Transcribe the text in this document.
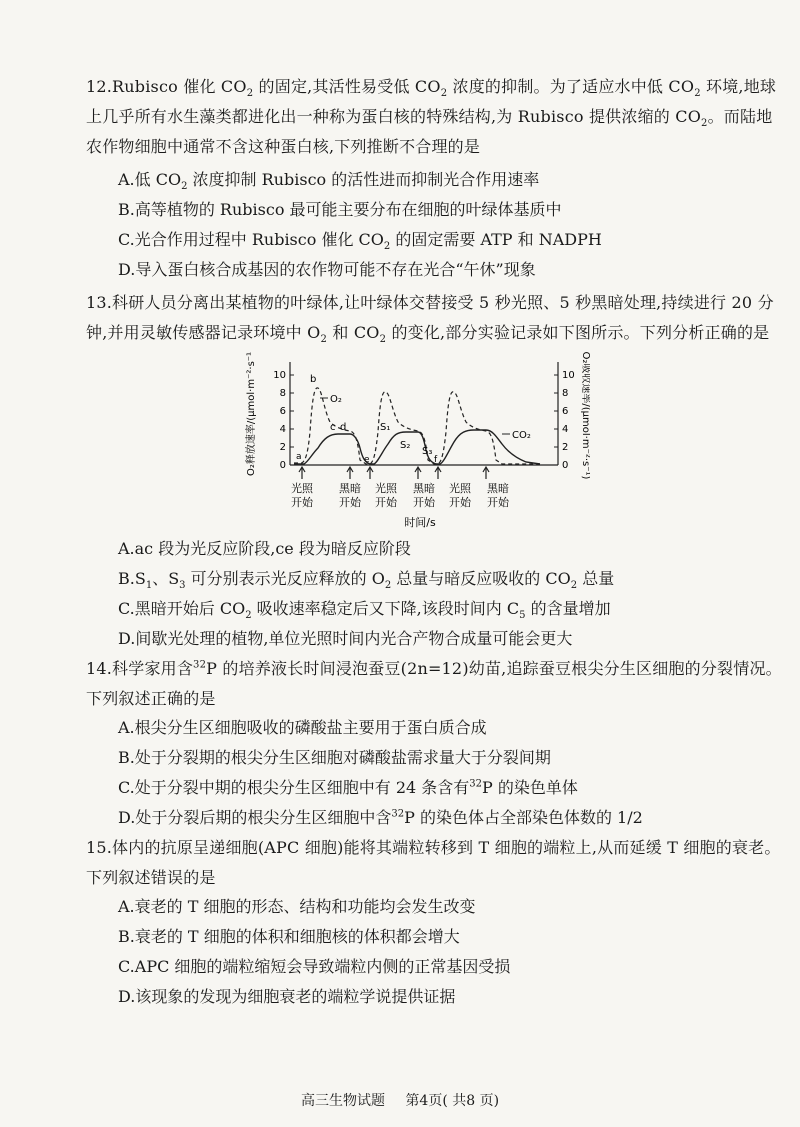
12.Rubisco 催化 $CO_2$ 的固定,其活性易受低 $CO_2$ 浓度的抑制。为了适应水中低 $CO_2$ 环境,地球上几乎所有水生藻类都进化出一种称为蛋白核的特殊结构,为 Rubisco 提供浓缩的 $CO_2$。而陆地农作物细胞中通常不含这种蛋白核,下列推断不合理的是
A.低 $CO_2$ 浓度抑制 Rubisco 的活性进而抑制光合作用速率
B.高等植物的 Rubisco 最可能主要分布在细胞的叶绿体基质中
C.光合作用过程中 Rubisco 催化 $CO_2$ 的固定需要 ATP 和 NADPH
D.导入蛋白核合成基因的农作物可能不存在光合“午休”现象
13.科研人员分离出某植物的叶绿体,让叶绿体交替接受 5 秒光照、5 秒黑暗处理,持续进行 20 分钟,并用灵敏传感器记录环境中 $O_2$ 和 $CO_2$ 的变化,部分实验记录如下图所示。下列分析正确的是
O₂释放速率/(μmol·m⁻²·s⁻¹)	CO₂吸收速率/(μmol·m⁻²·s⁻¹)
0
2
4
6
8
10
0
2
4
6
8
10
a
b
c d
e	f
O₂
CO₂
S₁
S₂
S₃
光照
开始
黑暗
开始
光照
开始
黑暗
开始
光照
开始
黑暗
开始
时间/s
A.ac 段为光反应阶段,ce 段为暗反应阶段
$B.S_1$、$S_3$ 可分别表示光反应释放的 $O_2$ 总量与暗反应吸收的 $CO_2$ 总量
C.黑暗开始后 $CO_2$ 吸收速率稳定后又下降,该段时间内 $C_5$ 的含量增加
D.间歇光处理的植物,单位光照时间内光合产物合成量可能会更大
14.科学家用含$^{32}$P 的培养液长时间浸泡蚕豆(2n=12)幼苗,追踪蚕豆根尖分生区细胞的分裂情况。下列叙述正确的是
A.根尖分生区细胞吸收的磷酸盐主要用于蛋白质合成
B.处于分裂期的根尖分生区细胞对磷酸盐需求量大于分裂间期
C.处于分裂中期的根尖分生区细胞中有 24 条含有$^{32}$P 的染色单体
D.处于分裂后期的根尖分生区细胞中含$^{32}$P 的染色体占全部染色体数的 1/2
15.体内的抗原呈递细胞(APC 细胞)能将其端粒转移到 T 细胞的端粒上,从而延缓 T 细胞的衰老。下列叙述错误的是
A.衰老的 T 细胞的形态、结构和功能均会发生改变
B.衰老的 T 细胞的体积和细胞核的体积都会增大
C.APC 细胞的端粒缩短会导致端粒内侧的正常基因受损
D.该现象的发现为细胞衰老的端粒学说提供证据
高三生物试题 第4页( 共8 页)
